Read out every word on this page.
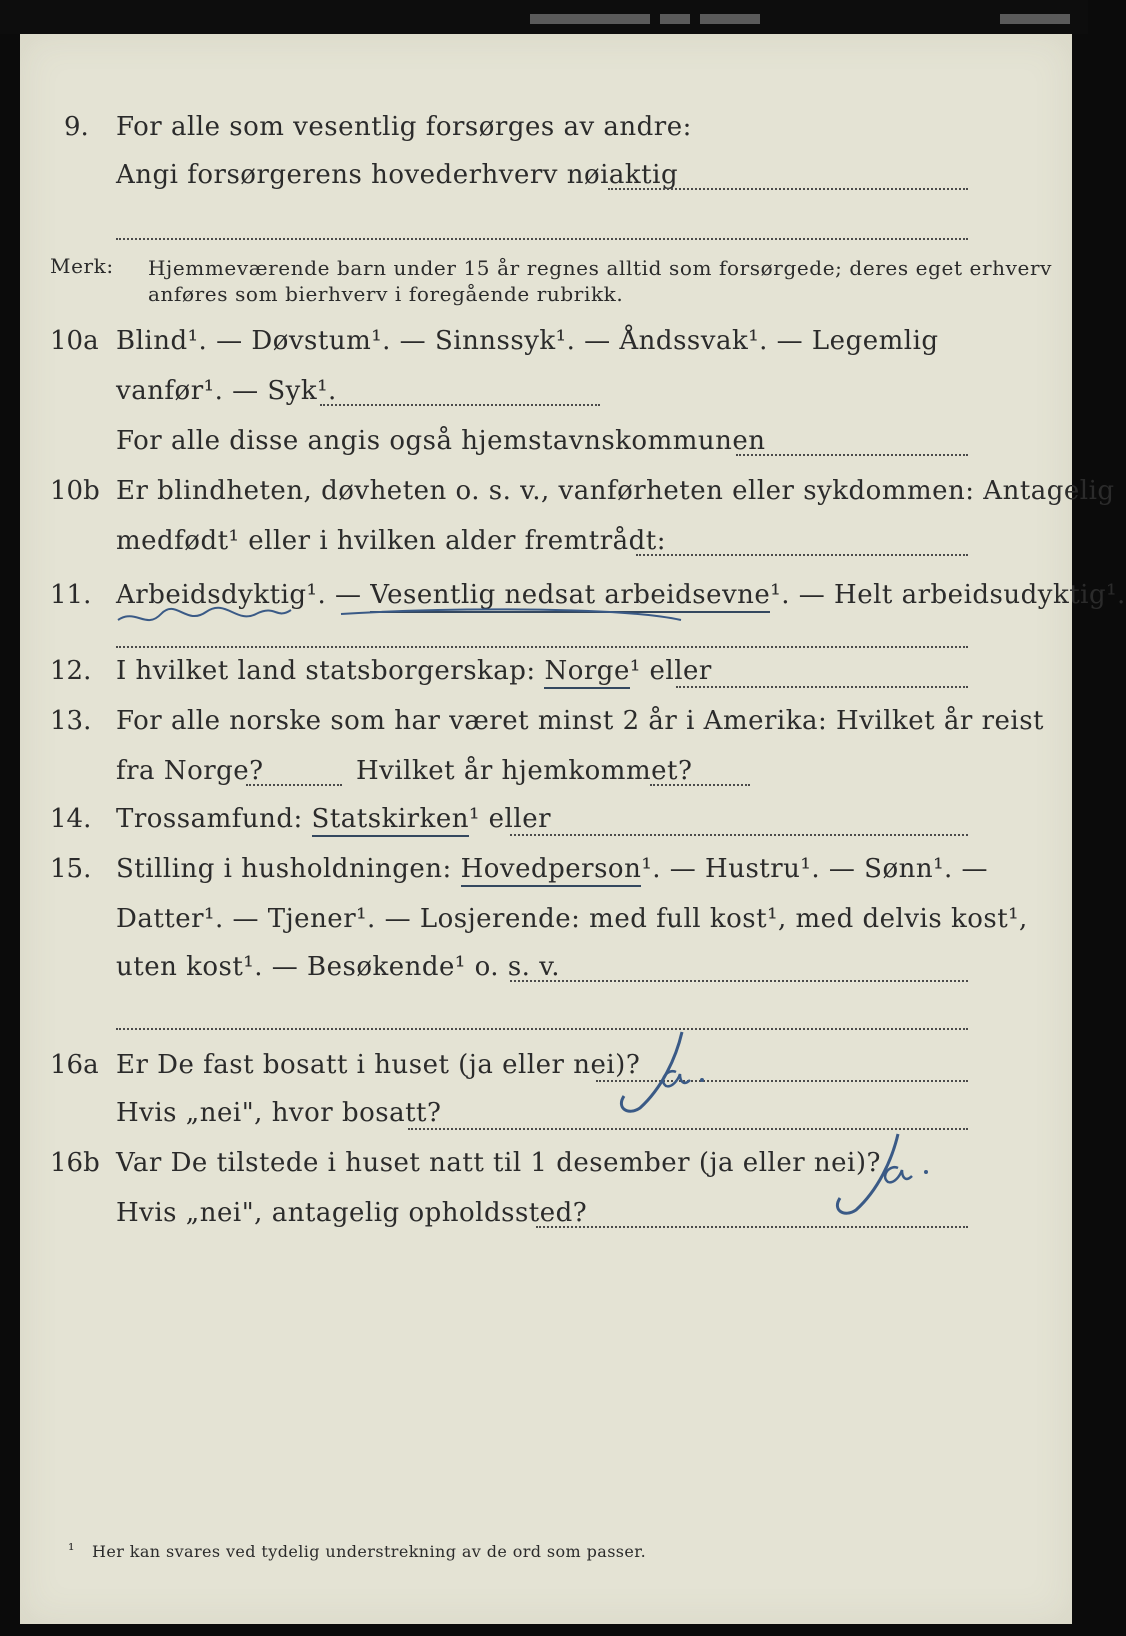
9. For alle som vesentlig forsørges av andre:
Angi forsørgerens hovederhverv nøiaktig
Merk: Hjemmeværende barn under 15 år regnes alltid som forsørgede; deres eget erhverv
anføres som bierhverv i foregående rubrikk.
10a Blind¹. — Døvstum¹. — Sinnssyk¹. — Åndssvak¹. — Legemlig
vanfør¹. — Syk¹.
For alle disse angis også hjemstavnskommunen
10b Er blindheten, døvheten o. s. v., vanførheten eller sykdommen: Antagelig
medfødt¹ eller i hvilken alder fremtrådt:
11. Arbeidsdyktig¹. — Vesentlig nedsat arbeidsevne¹. — Helt arbeidsudyktig¹.
12. I hvilket land statsborgerskap: Norge¹ eller
13. For alle norske som har været minst 2 år i Amerika: Hvilket år reist
fra Norge?	Hvilket år hjemkommet?
14. Trossamfund: Statskirken¹ eller
15. Stilling i husholdningen: Hovedperson¹. — Hustru¹. — Sønn¹. —
Datter¹. — Tjener¹. — Losjerende: med full kost¹, med delvis kost¹,
uten kost¹. — Besøkende¹ o. s. v.
16a Er De fast bosatt i huset (ja eller nei)?
Ja.
Hvis „nei", hvor bosatt?
16b Var De tilstede i huset natt til 1 desember (ja eller nei)?
Ja.
Hvis „nei", antagelig opholdssted?
¹ Her kan svares ved tydelig understrekning av de ord som passer.
